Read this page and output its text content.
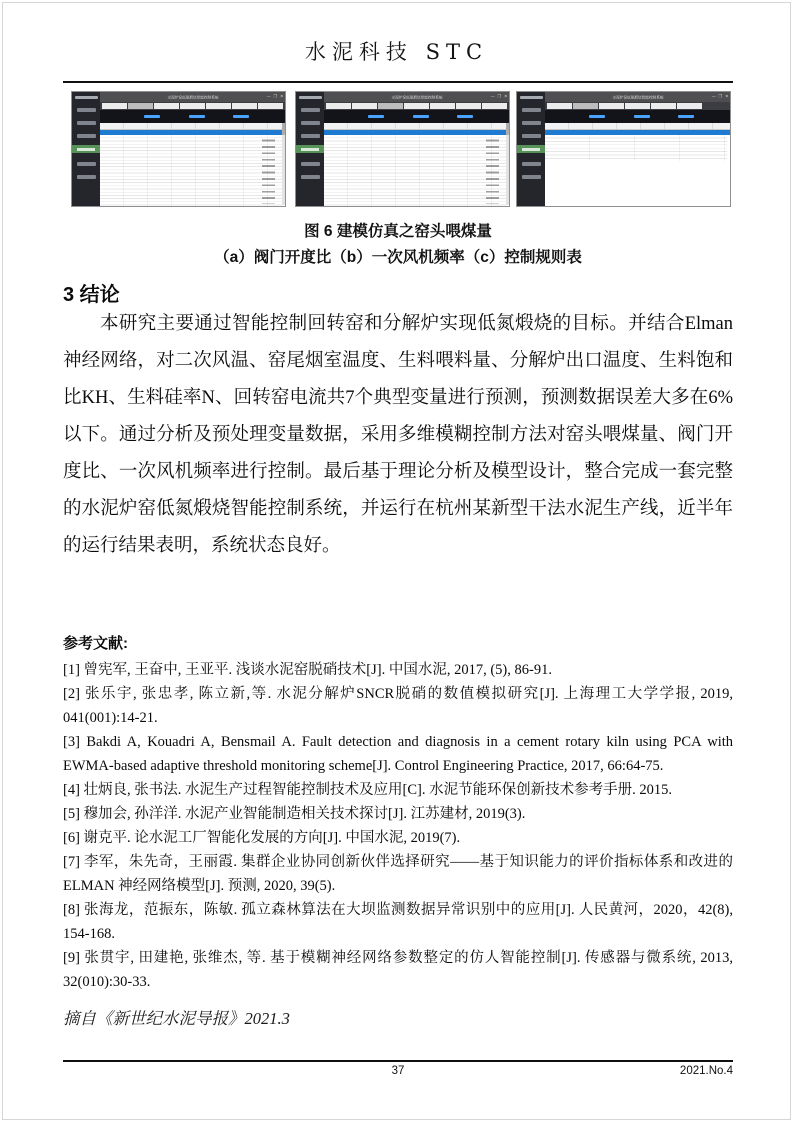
水泥科技 STC
水泥炉窑低氮煅烧智能控制系统	— ❐ ✕	水泥炉窑低氮煅烧智能控制系统	— ❐ ✕	水泥炉窑低氮煅烧智能控制系统	— ❐ ✕
图 6 建模仿真之窑头喂煤量
（a）阀门开度比（b）一次风机频率（c）控制规则表
3 结论

本研究主要通过智能控制回转窑和分解炉实现低氮煅烧的目标。并结合Elman神经网络，对二次风温、窑尾烟室温度、生料喂料量、分解炉出口温度、生料饱和比KH、生料硅率N、回转窑电流共7个典型变量进行预测，预测数据误差大多在6%以下。通过分析及预处理变量数据，采用多维模糊控制方法对窑头喂煤量、阀门开度比、一次风机频率进行控制。最后基于理论分析及模型设计，整合完成一套完整的水泥炉窑低氮煅烧智能控制系统，并运行在杭州某新型干法水泥生产线，近半年的运行结果表明，系统状态良好。

参考文献:

[1] 曾宪军, 王奋中, 王亚平. 浅谈水泥窑脱硝技术[J]. 中国水泥, 2017, (5), 86-91.

[2] 张乐宇, 张忠孝, 陈立新,等. 水泥分解炉SNCR脱硝的数值模拟研究[J]. 上海理工大学学报, 2019, 041(001):14-21.

[3] Bakdi A, Kouadri A, Bensmail A. Fault detection and diagnosis in a cement rotary kiln using PCA with EWMA-based adaptive threshold monitoring scheme[J]. Control Engineering Practice, 2017, 66:64-75.

[4] 壮炳良, 张书法. 水泥生产过程智能控制技术及应用[C]. 水泥节能环保创新技术参考手册. 2015.

[5] 穆加会, 孙洋洋. 水泥产业智能制造相关技术探讨[J]. 江苏建材, 2019(3).

[6] 谢克平. 论水泥工厂智能化发展的方向[J]. 中国水泥, 2019(7).

[7] 李军，朱先奇，王丽霞. 集群企业协同创新伙伴选择研究——基于知识能力的评价指标体系和改进的ELMAN 神经网络模型[J]. 预测, 2020, 39(5).

[8] 张海龙，范振东，陈敏. 孤立森林算法在大坝监测数据异常识别中的应用[J]. 人民黄河，2020，42(8), 154-168.

[9] 张贯宇, 田建艳, 张维杰, 等. 基于模糊神经网络参数整定的仿人智能控制[J]. 传感器与微系统, 2013, 32(010):30-33.

摘自《新世纪水泥导报》2021.3
37	2021.No.4
